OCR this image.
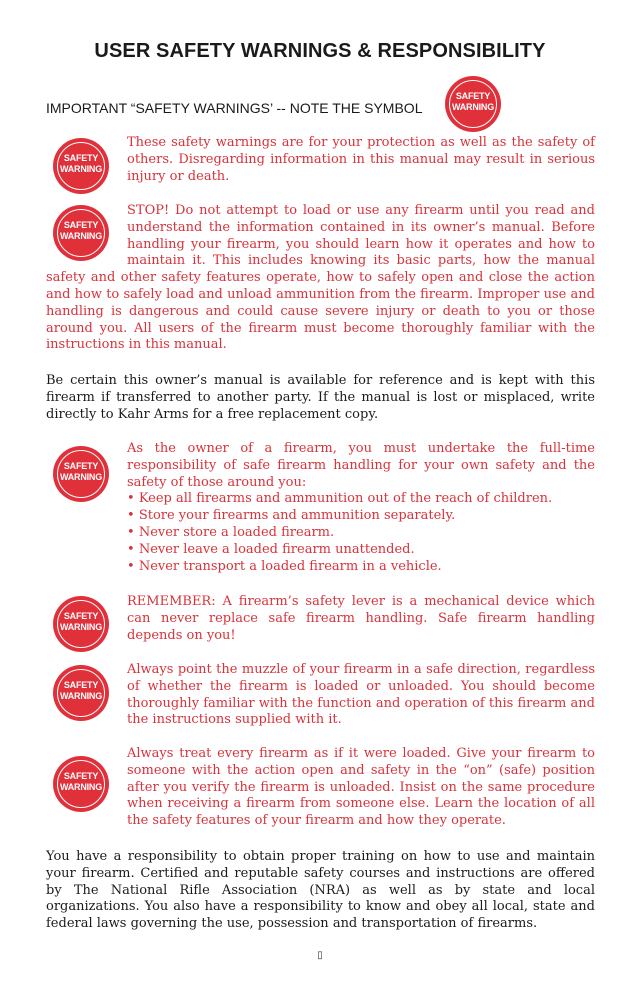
USER SAFETY WARNINGS & RESPONSIBILITY
IMPORTANT “SAFETY WARNINGS’ -- NOTE THE SYMBOL
SAFETY
WARNING
SAFETY
WARNING

These safety warnings are for your protection as well as the safety of others. Disregarding information in this manual may result in serious injury or death.

SAFETY
WARNING

STOP! Do not attempt to load or use any firearm until you read and understand the information contained in its owner’s manual. Before handling your firearm, you should learn how it operates and how to maintain it. This includes knowing its basic parts, how the manual safety and other safety features operate, how to safely open and close the action and how to safely load and unload ammunition from the firearm. Improper use and handling is dangerous and could cause severe injury or death to you or those around you. All users of the firearm must become thoroughly familiar with the instructions in this manual.

Be certain this owner’s manual is available for reference and is kept with this firearm if transferred to another party. If the manual is lost or misplaced, write directly to Kahr Arms for a free replacement copy.

SAFETY
WARNING
As the owner of a firearm, you must undertake the full-time responsibility of safe firearm handling for your own safety and the safety of those around you:
• Keep all firearms and ammunition out of the reach of children.
• Store your firearms and ammunition separately.
• Never store a loaded firearm.
• Never leave a loaded firearm unattended.
• Never transport a loaded firearm in a vehicle.
SAFETY
WARNING

REMEMBER: A firearm’s safety lever is a mechanical device which can never replace safe firearm handling. Safe firearm handling depends on you!

SAFETY
WARNING

Always point the muzzle of your firearm in a safe direction, regardless of whether the firearm is loaded or unloaded. You should become thoroughly familiar with the function and operation of this firearm and the instructions supplied with it.

SAFETY
WARNING

Always treat every firearm as if it were loaded. Give your firearm to someone with the action open and safety in the “on” (safe) position after you verify the firearm is unloaded. Insist on the same procedure when receiving a firearm from someone else. Learn the location of all the safety features of your firearm and how they operate.

You have a responsibility to obtain proper training on how to use and maintain your firearm. Certified and reputable safety courses and instructions are offered by The National Rifle Association (NRA) as well as by state and local organizations. You also have a responsibility to know and obey all local, state and federal laws governing the use, possession and transportation of firearms.

▯
